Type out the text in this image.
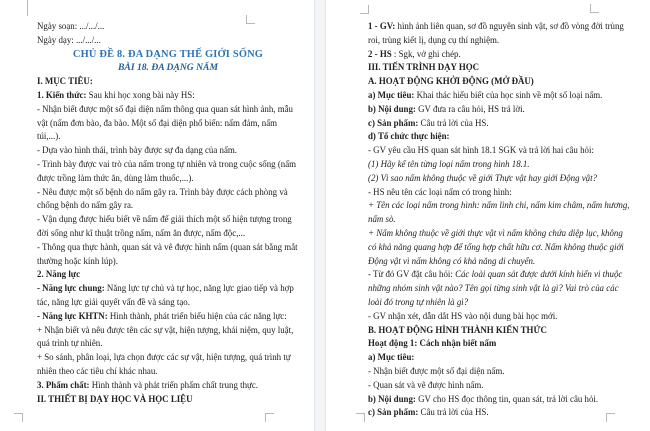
Ngày soạn: .../.../...
Ngày dạy: .../.../...
CHỦ ĐỀ 8. ĐA DẠNG THẾ GIỚI SỐNG
BÀI 18. ĐA DẠNG NẤM
I. MỤC TIÊU:
1. Kiến thức: Sau khi học xong bài này HS:
- Nhận biết được một số đại diện nấm thông qua quan sát hình ảnh, mẫu
vật (nấm đơn bào, đa bào. Một số đại diện phổ biến: nấm đảm, nấm
túi,...).
- Dựa vào hình thái, trình bày được sự đa dạng của nấm.
- Trình bày được vai trò của nấm trong tự nhiên và trong cuộc sống (nấm
được trồng làm thức ăn, dùng làm thuốc,...).
- Nêu được một số bệnh do nấm gây ra. Trình bày được cách phòng và
chống bệnh do nấm gây ra.
- Vận dụng được hiểu biết về nấm để giải thích một số hiện tượng trong
đời sống như kĩ thuật trồng nấm, nấm ăn được, nấm độc,...
- Thông qua thực hành, quan sát và vẽ được hình nấm (quan sát bằng mắt
thường hoặc kính lúp).
2. Năng lực
- Năng lực chung: Năng lực tự chủ và tự học, năng lực giao tiếp và hợp
tác, năng lực giải quyết vấn đề và sáng tạo.
- Năng lực KHTN: Hình thành, phát triển biểu hiện của các năng lực:
+ Nhận biết và nêu được tên các sự vật, hiện tượng, khái niệm, quy luật,
quá trình tự nhiên.
+ So sánh, phân loại, lựa chọn được các sự vật, hiện tượng, quá trình tự
nhiên theo các tiêu chí khác nhau.
3. Phẩm chất: Hình thành và phát triển phẩm chất trung thực.
II. THIẾT BỊ DẠY HỌC VÀ HỌC LIỆU
1 - GV: hình ảnh liên quan, sơ đồ nguyên sinh vật, sơ đồ vòng đời trùng
roi, trùng kiết lị, dụng cụ thí nghiệm.
2 - HS : Sgk, vở ghi chép.
III. TIẾN TRÌNH DẠY HỌC
A. HOẠT ĐỘNG KHỞI ĐỘNG (MỞ ĐẦU)
a) Mục tiêu: Khai thác hiểu biết của học sinh về một số loại nấm.
b) Nội dung: GV đưa ra câu hỏi, HS trả lời.
c) Sản phẩm: Câu trả lời của HS.
d) Tổ chức thực hiện:
- GV yêu cầu HS quan sát hình 18.1 SGK và trả lời hai câu hỏi:
(1) Hãy kể tên từng loại nấm trong hình 18.1.
(2) Vì sao nấm không thuộc về giới Thực vật hay giới Động vật?
- HS nêu tên các loại nấm có trong hình:
+ Tên các loại nấm trong hình: nấm linh chi, nấm kim châm, nấm hương,
nấm sò.
+ Nấm không thuộc về giới thực vật vì nấm không chứa diệp lục, không
có khả năng quang hợp để tổng hợp chất hữu cơ. Nấm không thuộc giới
Động vật vì nấm không có khả năng di chuyển.
- Từ đó GV đặt câu hỏi: Các loài quan sát được dưới kính hiển vi thuộc
những nhóm sinh vật nào? Tên gọi từng sinh vật là gì? Vai trò của các
loài đó trong tự nhiên là gì?
- GV nhận xét, dẫn dắt HS vào nội dung bài học mới.
B. HOẠT ĐỘNG HÌNH THÀNH KIẾN THỨC
Hoạt động 1: Cách nhận biết nấm
a) Mục tiêu:
- Nhận biết được một số đại diện nấm.
- Quan sát và vẽ được hình nấm.
b) Nội dung: GV cho HS đọc thông tin, quan sát, trả lời câu hỏi.
c) Sản phẩm: Câu trả lời của HS.
